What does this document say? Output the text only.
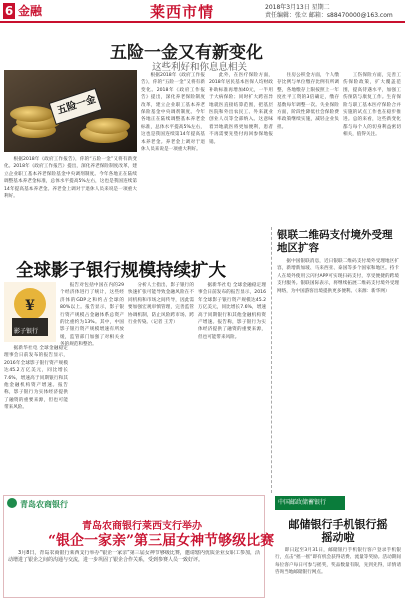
6 金融	莱西市情	2018年3月13日 星期二
责任编辑：张立 邮箱：s88470000@163.com
五险一金又有新变化
这些利好和你息息相关
五险一金
　　根据2018年《政府工作报告》，你的“五险一金”又将有新变化。2018年《政府工作报告》提出，深化养老保险制度改革，建立企业职工基本养老保险基金中央调剂制度。今年各地正在陆续调整基本养老金标准，总体水平提高5%左右，这也是我国连续第14年提高基本养老金。养老金上调对于退休人员来说是一项重大利好。
　　此外，在医疗保险方面，2018年居民基本医保人均财政补助标准再增加40元，一半用于大病保险；同时扩大跨省异地就医直接结算范围，把基层医院和外出农民工、外来就业创业人员等全部纳入。这意味着异地就医将更加便利，患者不再需要先垫付再回参保地报销。
　　住房公积金方面，个人缴存比例与单位缴存比例有所调整，各地缴存上限按照上一年度社平工资的3倍确定，缴存基数每年调整一次。失业保险方面，阶段性降低社会保险费率政策继续实施，减轻企业负担。
　　工伤保险方面，完善工伤保险政策，扩大覆盖范围，提高待遇水平，加强工伤预防与康复工作。生育保险与职工基本医疗保险合并实施的试点工作也在稳步推进。总的来看，这些新变化都与每个人的切身利益密切相关，值得关注。
　　根据2018年《政府工作报告》，你的“五险一金”又将有新变化。2018年《政府工作报告》提出，深化养老保险制度改革，建立企业职工基本养老保险基金中央调剂制度。今年各地正在陆续调整基本养老金标准，总体水平提高5%左右，这也是我国连续第14年提高基本养老金。养老金上调对于退休人员来说是一项重大利好。
全球影子银行规模持续扩大
¥
影子银行
　　据新华社电 全球金融稳定理事会日前发布的报告显示，2016年全球影子银行资产规模达45.2万亿美元，同比增长7.6%，增速高于同期银行和其他金融机构资产增速。报告称，影子银行为实体经济提供了融资的重要来源，但也可能带来风险。
　　报告对包括中国在内的29个经济体进行了统计，这些经济体的GDP之和约占全球的80%以上。报告显示，影子银行资产规模占金融体系总资产的比重约为13%。其中，中国影子银行资产规模增速有所放缓，监管部门加强了对相关业务的规范和整治。
　　分析人士指出，影子银行的快速扩张可能导致金融风险在不同机构和市场之间传导，因此需要加强宏观审慎管理，完善监管协调机制，防止风险跨市场、跨行业传染。（记者 王芳）
　　据新华社电 全球金融稳定理事会日前发布的报告显示，2016年全球影子银行资产规模达45.2万亿美元，同比增长7.6%，增速高于同期银行和其他金融机构资产增速。报告称，影子银行为实体经济提供了融资的重要来源，但也可能带来风险。
银联二维码支付境外受理地区扩容
　　据中国银联消息，近日银联二维码支付境外受理地区扩容，新增新加坡、马来西亚、泰国等多个国家和地区。持卡人在境外使用云闪付APP可实现扫码支付，享受便捷的跨境支付服务。银联国际表示，将继续拓展二维码支付境外受理网络，为中国游客出境提供更多便利。（来源：新华网）
青岛农商银行
青岛农商银行莱西支行举办
“银企一家亲”第三届女神节够级比赛
　　3月8日，青岛农商银行莱西支行举办“银企一家亲”第三届女神节够级比赛，邀请辖内优质企业女职工参加，活动增进了银企之间的沟通与交流，进一步巩固了银企合作关系，受到参赛人员一致好评。
中国邮政储蓄银行
邮储银行手机银行摇摇动啦
　　即日起至3月31日，邮储银行手机银行客户登录手机银行，点击“摇一摇”即有机会获得话费、流量等奖励。活动期间每位客户每日可参与摇奖，奖品数量有限，先到先得，详情请咨询当地邮储银行网点。
